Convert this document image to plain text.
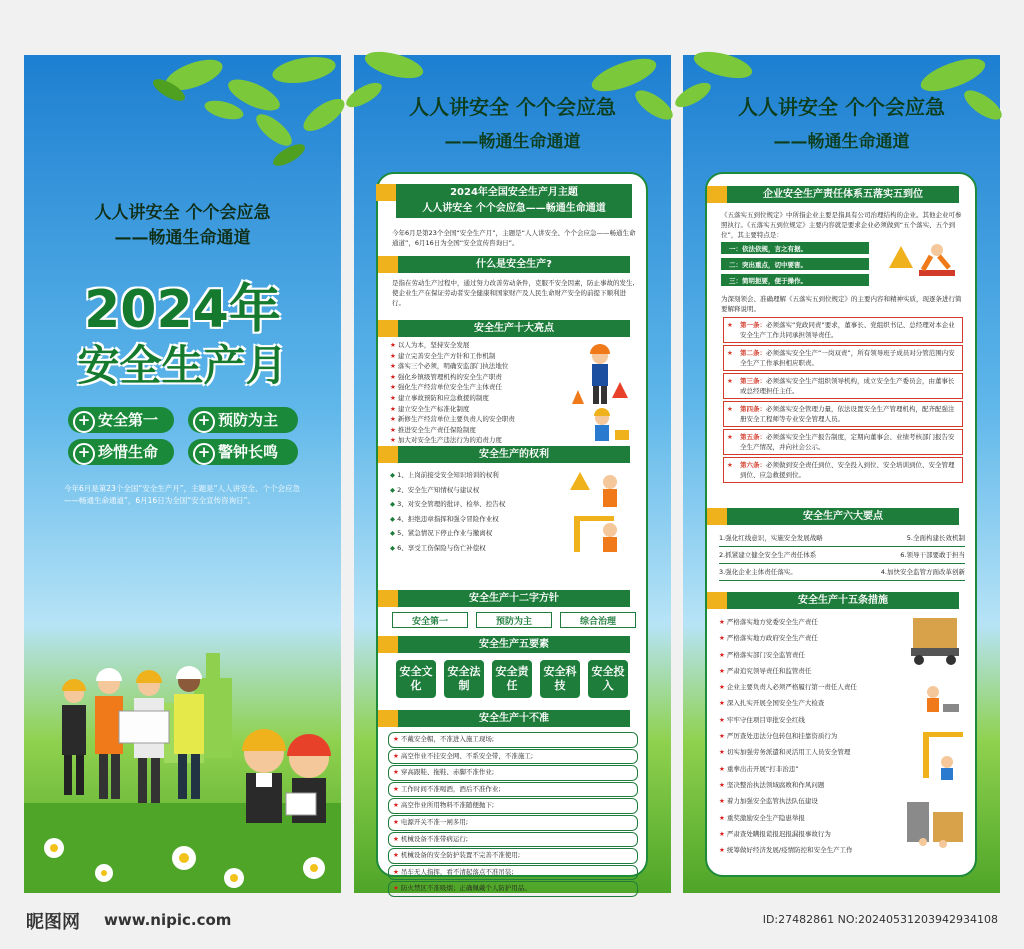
人人讲安全 个个会应急
——畅通生命通道
2024年
安全生产月
+ 安全第一	+ 预防为主
+ 珍惜生命	+ 警钟长鸣
今年6月是第23个全国“安全生产月”，主题是“人人讲安全、个个会应急——畅通生命通道”，6月16日为全国“安全宣传咨询日”。
人人讲安全 个个会应急
——畅通生命通道
2024年全国安全生产月主题
人人讲安全 个个会应急——畅通生命通道
今年6月是第23个全国“安全生产月”，主题是“人人讲安全、个个会应急——畅通生命通道”，6月16日为全国“安全宣传咨询日”。
什么是安全生产?
是指在劳动生产过程中，通过努力改善劳动条件，克服不安全因素，防止事故的发生,使企业生产在保证劳动者安全健康和国家财产及人民生命财产安全的前提下顺利进行。
安全生产十大亮点
★ 以人为本，坚持安全发展
★ 建立完善安全生产方针和工作机制
★ 落实三个必须，明确安监部门执法地位
★ 强化乡镇级管理机构的安全生产职责
★ 强化生产经营单位安全生产主体责任
★ 建立事故预防和应急救援的制度
★ 建立安全生产标准化制度
★ 新修生产经营单位主要负责人的安全职责
★ 推进安全生产责任保险制度
★ 加大对安全生产违法行为的追责力度
安全生产的权利
◆ 1、上岗前接受安全知识培训的权利
◆ 2、安全生产知情权与建议权
◆ 3、对安全管理的批评、检举、控告权
◆ 4、拒绝违章指挥和强令冒险作业权
◆ 5、紧急情况下停止作业与撤离权
◆ 6、享受工伤保险与伤亡补偿权
安全生产十二字方针
安全第一	预防为主	综合治理
安全生产五要素
安全文化
安全法制
安全责任
安全科技
安全投入
安全生产十不准
★ 不戴安全帽，不准进入施工现场;
★ 高空作业不挂安全网、不系安全带，不准施工;
★ 穿高跟鞋、拖鞋、赤脚不准作业;
★ 工作时间不准喝酒，酒后不准作业;
★ 高空作业所用物料不准随便抛下;
★ 电源开关不准一闸多用;
★ 机械设备不准带病运行;
★ 机械设备的安全防护装置不完善不准使用;
★ 吊车无人指挥，看不清起落点不准吊装;
★ 防火禁区不准吸烟；正确佩戴个人防护用品。
人人讲安全 个个会应急
——畅通生命通道
企业安全生产责任体系五落实五到位
《五落实五到位规定》中所指企业主要是指具有公司治理结构的企业。其他企业可参照执行。《五落实五到位规定》主要内容就是要求企业必须做到“五个落实、五个到位”，其主要特点是：
一：依法依规，言之有据。
二：突出重点，切中要害。
三：简明扼要，便于操作。
为深刻领会、准确理解《五落实五到位规定》的主要内容和精神实质，现逐条进行简要解释说明。
★ 第一条：必须落实“党政同责”要求，董事长、党组织书记、总经理对本企业安全生产工作共同承担领导责任。
★ 第二条：必须落实安全生产“一岗双责”，所有领导班子成员对分管范围内安全生产工作承担相应职责。
★ 第三条：必须落实安全生产组织领导机构，成立安全生产委员会，由董事长或总经理担任主任。
★ 第四条：必须落实安全管理力量，依法设置安全生产管理机构，配齐配强注册安全工程师等专业安全管理人员。
★ 第五条：必须落实安全生产报告制度，定期向董事会、业绩考核部门报告安全生产情况，并向社会公示。
★ 第六条：必须做到安全责任到位、安全投入到位、安全培训到位、安全管理到位、应急救援到位。
安全生产六大要点
1.强化红线意识，实施安全发展战略	5.全面构建长效机制
2.抓紧建立健全安全生产责任体系	6.领导干部要敢于担当
3.强化企业主体责任落实。	4.加快安全监管方面改革创新
安全生产十五条措施
★ 严格落实地方党委安全生产责任
★ 严格落实地方政府安全生产责任
★ 严格落实部门安全监管责任
★ 严肃追究领导责任和监管责任
★ 企业主要负责人必须严格履行第一责任人责任
★ 深入扎实开展全国安全生产大检查
★ 牢牢守住项目审批安全红线
★ 严厉查处违法分包转包和挂靠资质行为
★ 切实加强劳务派遣和灵活用工人员安全管理
★ 重拳出击开展“打非治违”
★ 坚决整治执法领域腐败和作风问题
★ 着力加强安全监管执法队伍建设
★ 重奖激励安全生产隐患举报
★ 严肃查处瞒报谎报迟报漏报事故行为
★ 统筹做好经济发展/疫情防控和安全生产工作
昵图网 www.nipic.com	ID:27482861 NO:20240531203942934108
